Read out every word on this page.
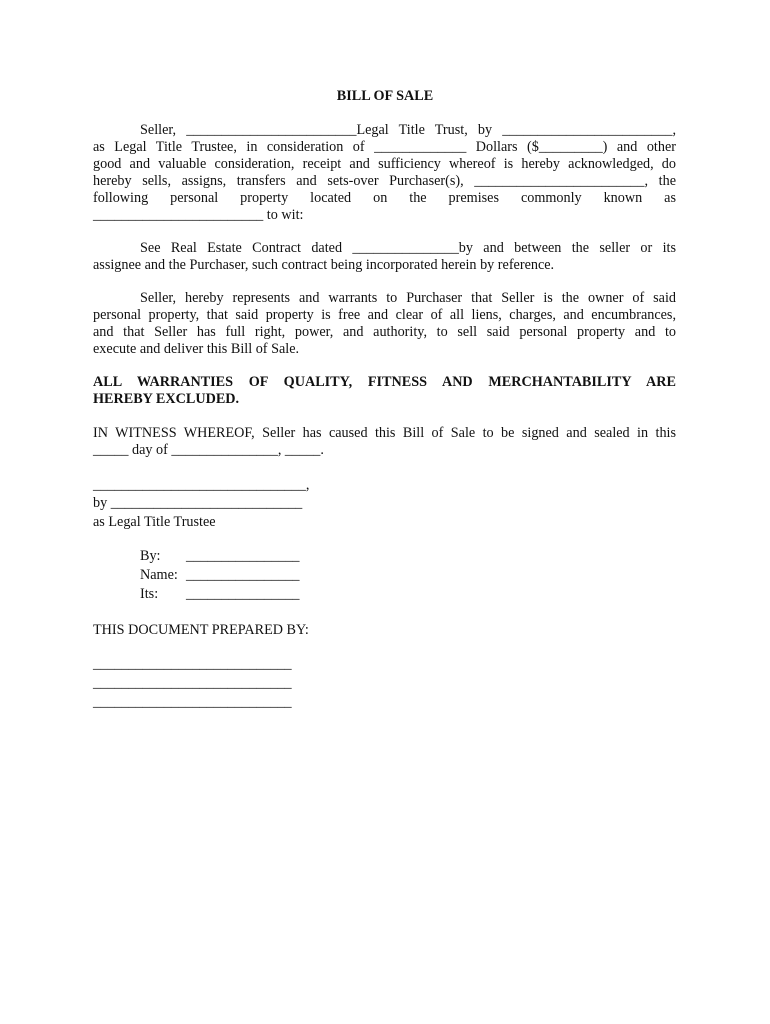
BILL OF SALE
Seller, ________________________Legal Title Trust, by ________________________,
as Legal Title Trustee, in consideration of _____________ Dollars ($_________) and other
good and valuable consideration, receipt and sufficiency whereof is hereby acknowledged, do
hereby sells, assigns, transfers and sets-over Purchaser(s), ________________________, the
following personal property located on the premises commonly known as
________________________ to wit:
See Real Estate Contract dated _______________by and between the seller or its
assignee and the Purchaser, such contract being incorporated herein by reference.
Seller, hereby represents and warrants to Purchaser that Seller is the owner of said
personal property, that said property is free and clear of all liens, charges, and encumbrances,
and that Seller has full right, power, and authority, to sell said personal property and to
execute and deliver this Bill of Sale.
ALL WARRANTIES OF QUALITY, FITNESS AND MERCHANTABILITY ARE
HEREBY EXCLUDED.
IN WITNESS WHEREOF, Seller has caused this Bill of Sale to be signed and sealed in this
_____ day of _______________, _____.
______________________________,
by ___________________________
as Legal Title Trustee
By: ________________
Name: ________________
Its: ________________
THIS DOCUMENT PREPARED BY:
____________________________
____________________________
____________________________
